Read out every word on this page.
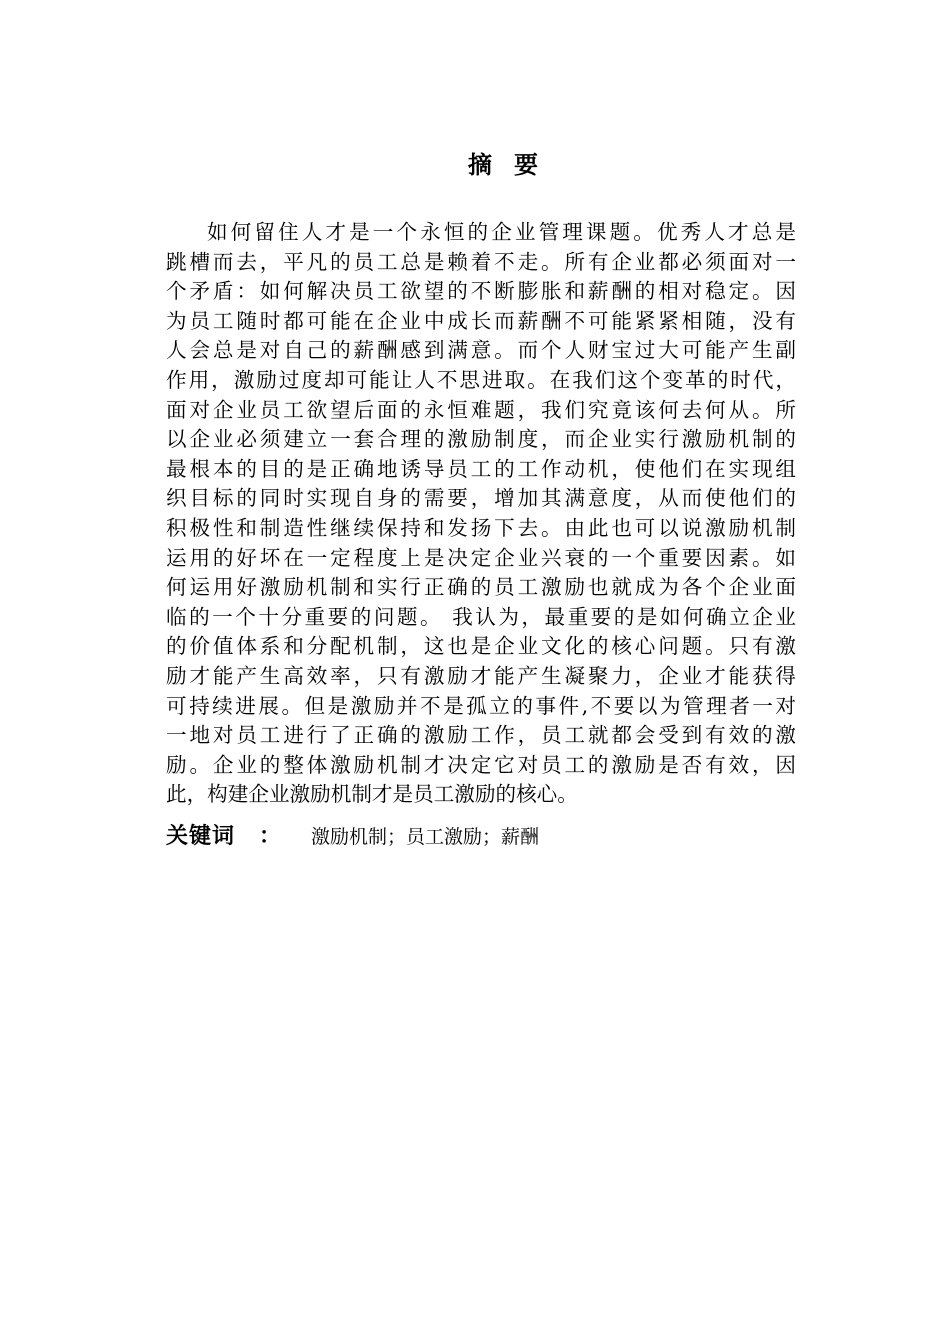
摘 要
如何留住人才是一个永恒的企业管理课题。优秀人才总是
跳槽而去，平凡的员工总是赖着不走。所有企业都必须面对一
个矛盾：如何解决员工欲望的不断膨胀和薪酬的相对稳定。因
为员工随时都可能在企业中成长而薪酬不可能紧紧相随，没有
人会总是对自己的薪酬感到满意。而个人财宝过大可能产生副
作用，激励过度却可能让人不思进取。在我们这个变革的时代，
面对企业员工欲望后面的永恒难题，我们究竟该何去何从。所
以企业必须建立一套合理的激励制度，而企业实行激励机制的
最根本的目的是正确地诱导员工的工作动机，使他们在实现组
织目标的同时实现自身的需要，增加其满意度，从而使他们的
积极性和制造性继续保持和发扬下去。由此也可以说激励机制
运用的好坏在一定程度上是决定企业兴衰的一个重要因素。如
何运用好激励机制和实行正确的员工激励也就成为各个企业面
临的一个十分重要的问题。 我认为，最重要的是如何确立企业
的价值体系和分配机制，这也是企业文化的核心问题。只有激
励才能产生高效率，只有激励才能产生凝聚力，企业才能获得
可持续进展。但是激励并不是孤立的事件,不要以为管理者一对
一地对员工进行了正确的激励工作，员工就都会受到有效的激
励。企业的整体激励机制才决定它对员工的激励是否有效，因
此，构建企业激励机制才是员工激励的核心。
关键词 ： 激励机制；员工激励；薪酬
